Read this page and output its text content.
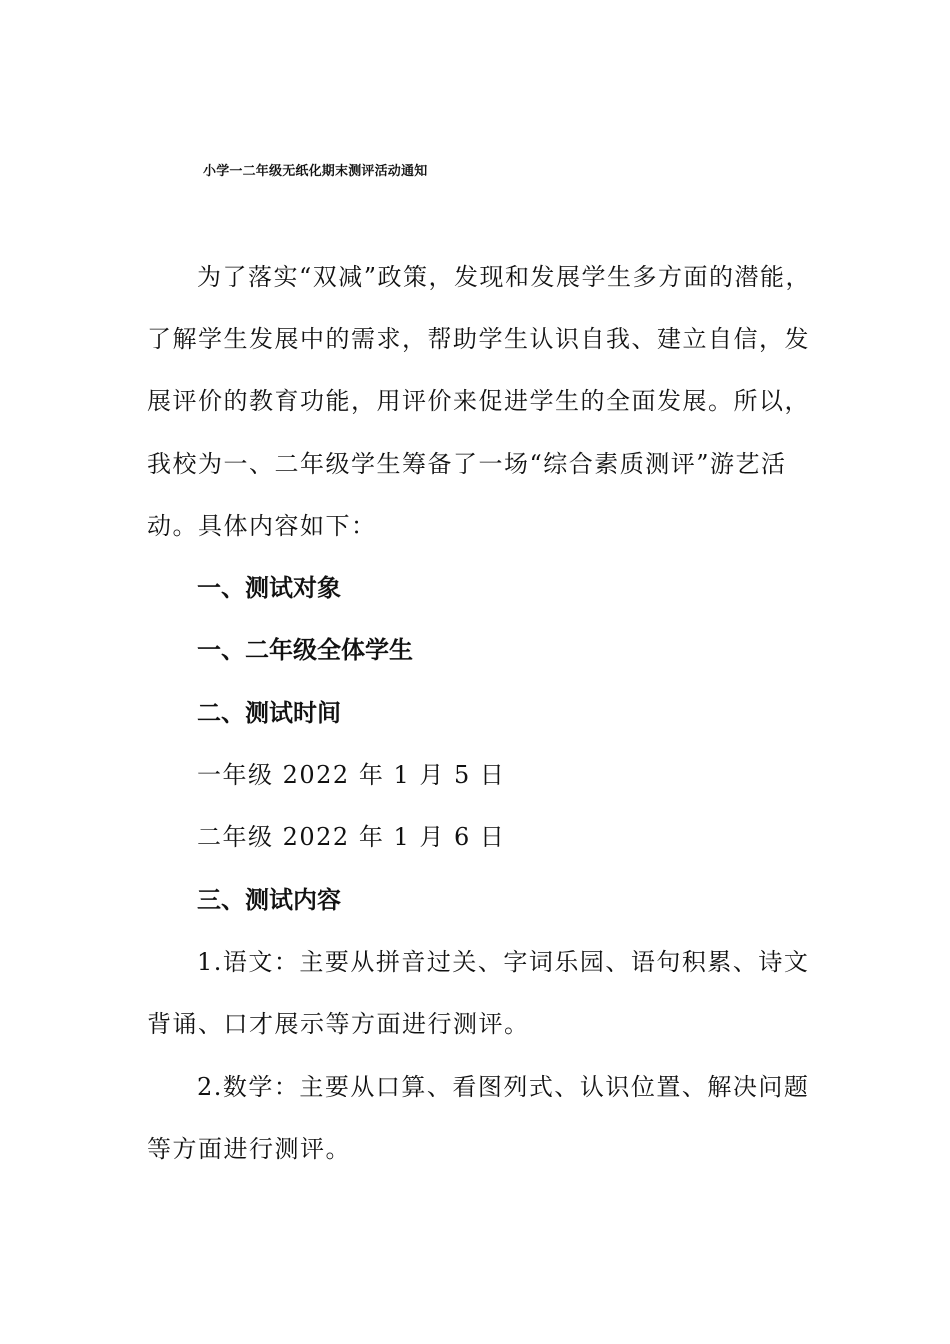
小学一二年级无纸化期末测评活动通知
为了落实“双减”政策，发现和发展学生多方面的潜能，
了解学生发展中的需求，帮助学生认识自我、建立自信，发
展评价的教育功能，用评价来促进学生的全面发展。所以，
我校为一、二年级学生筹备了一场“综合素质测评”游艺活
动。具体内容如下：
一、测试对象
一、二年级全体学生
二、测试时间
一年级 2022 年 1 月 5 日
二年级 2022 年 1 月 6 日
三、测试内容
1.语文：主要从拼音过关、字词乐园、语句积累、诗文
背诵、口才展示等方面进行测评。
2.数学：主要从口算、看图列式、认识位置、解决问题
等方面进行测评。
